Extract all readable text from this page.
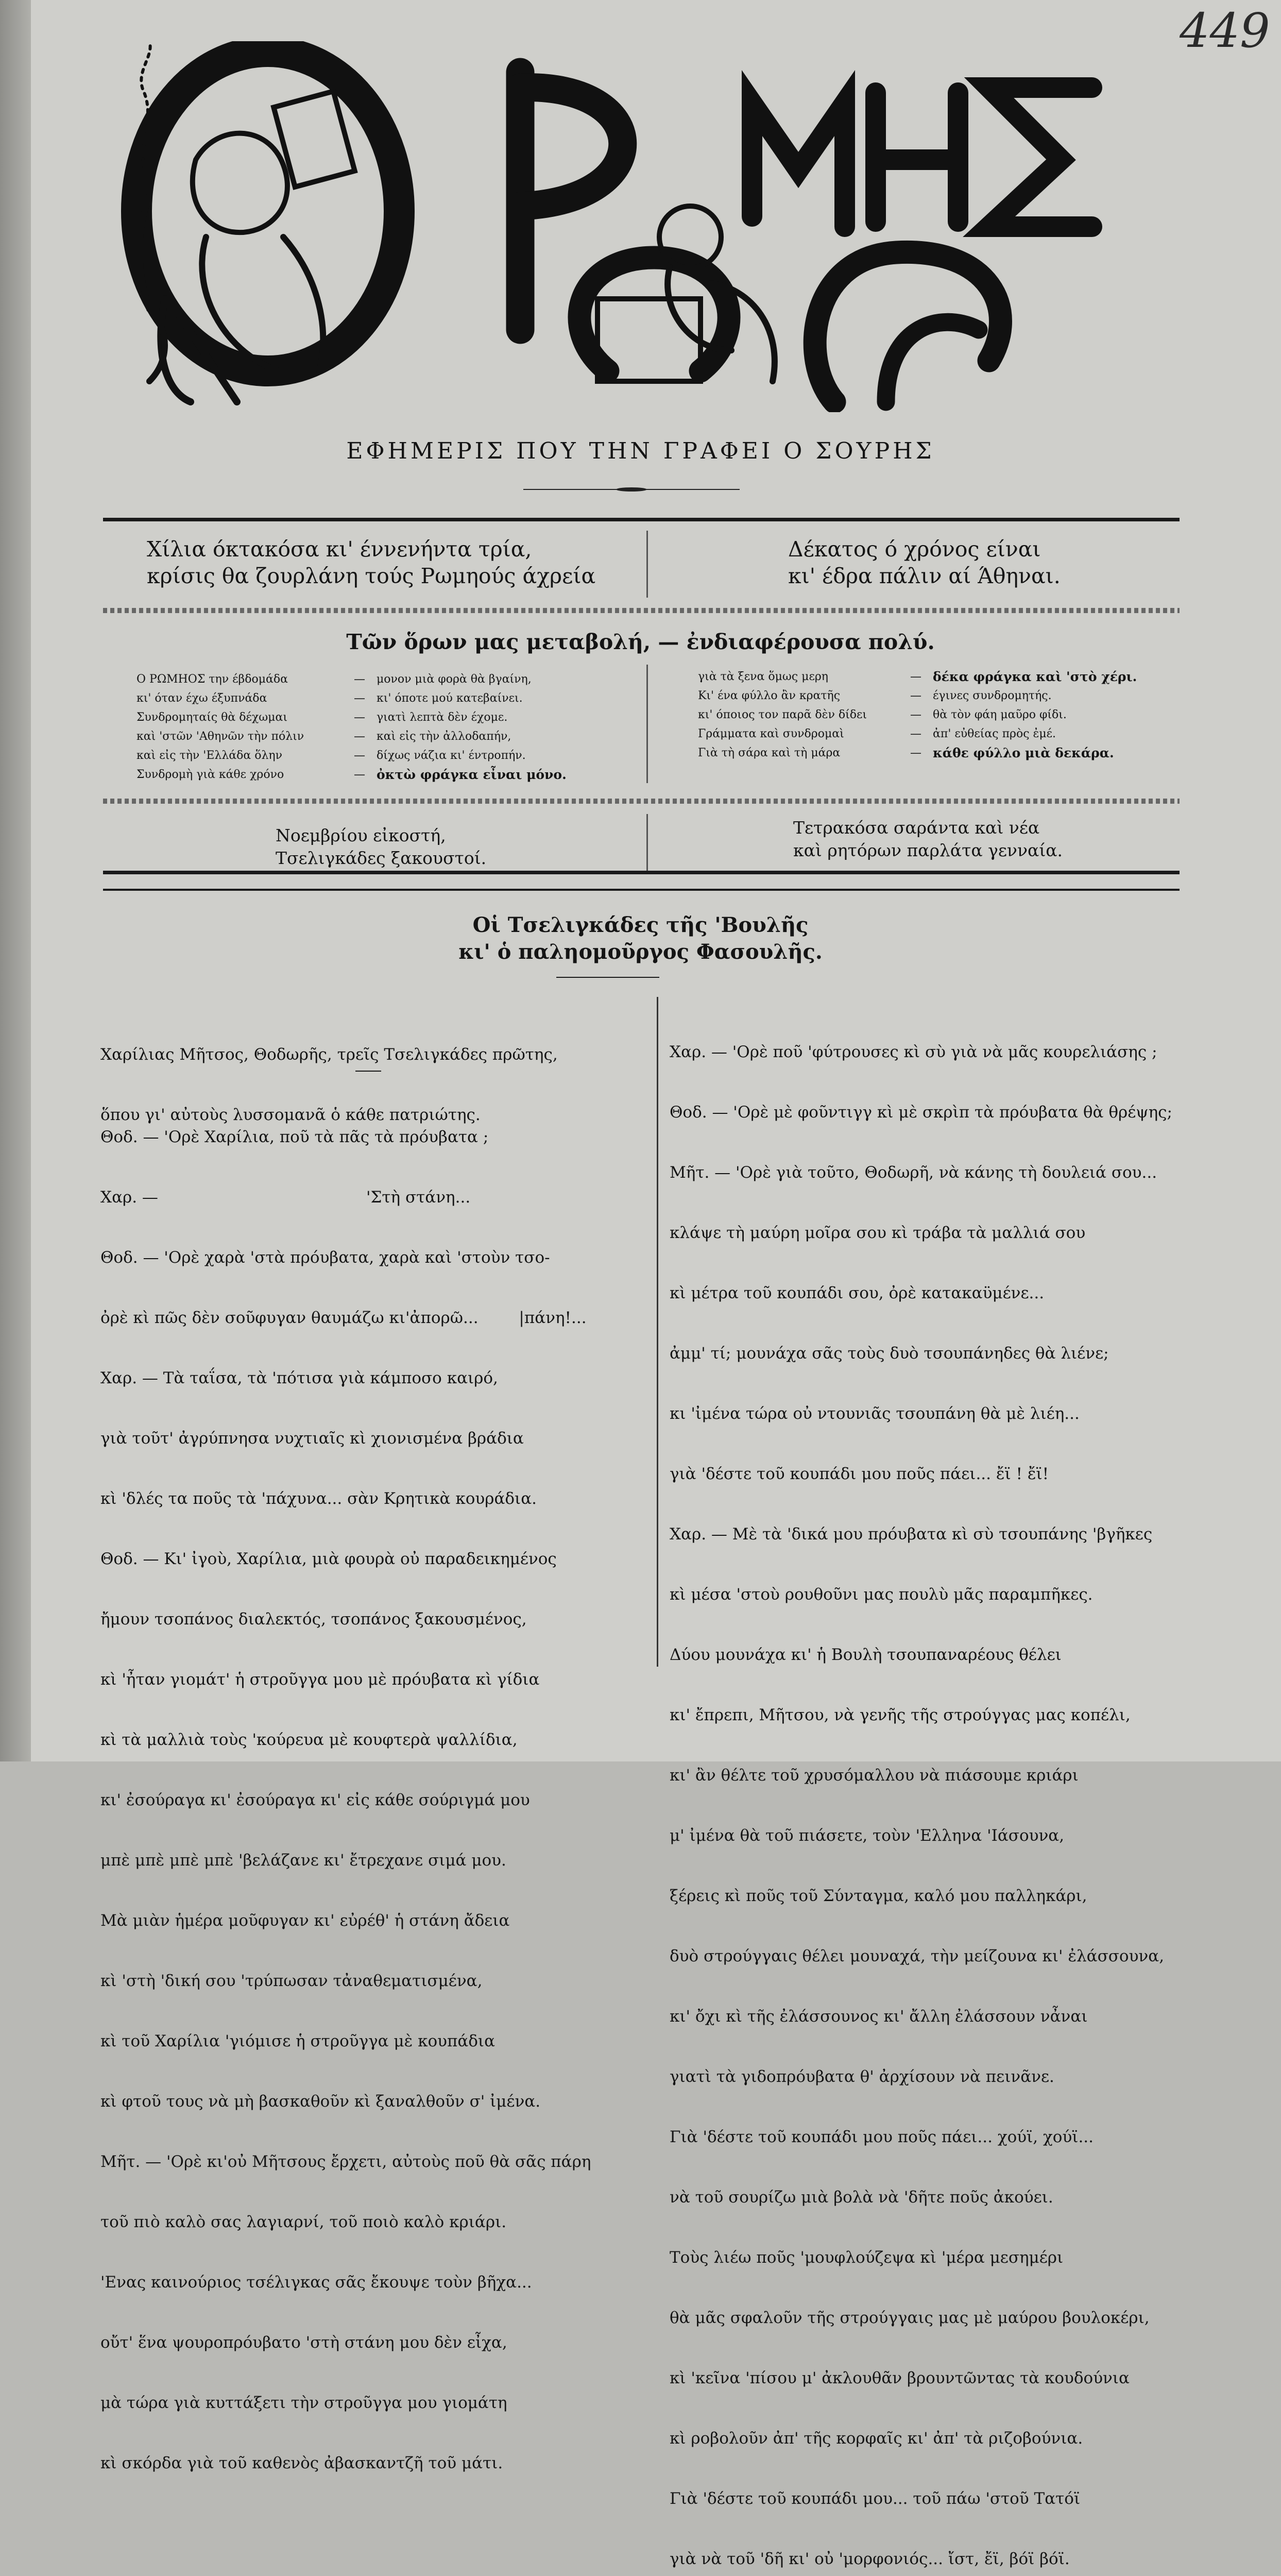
449
ΕΦΗΜΕΡΙΣ ΠΟΥ ΤΗΝ ΓΡΑΦΕΙ Ο ΣΟΥΡΗΣ
Χίλια όκτακόσα κι' έννενήντα τρία,
κρίσις θα ζουρλάνη τούς Ρωμηούς άχρεία
Δέκατος ό χρόνος είναι
κι' έδρα πάλιν αί Άθηναι.
Τῶν ὅρων μας μεταβολή, — ἐνδιαφέρουσα πολύ.
Ο ΡΩΜΗΟΣ την έβδομάδα	—	μονον μιὰ φορὰ θὰ βγαίνη,
κι' όταν έχω έξυπνάδα	—	κι' όποτε μού κατεβαίνει.
Συνδρομηταίς θὰ δέχωμαι	—	γιατὶ λεπτὰ δὲν έχομε.
καὶ 'στῶν 'Αθηνῶν τὴν πόλιν	—	καὶ εἰς τὴν ἀλλοδαπήν,
καὶ εἰς τὴν 'Ελλάδα ὅλην	—	δίχως νάζια κι' έντροπήν.
Συνδρομὴ γιὰ κάθε χρόνο	— ὀκτὼ φράγκα εἶναι μόνο.
γιὰ τὰ ξενα ὅμως μερη	— δέκα φράγκα καὶ 'στὸ χέρι.
Κι' ένα φύλλο ἂν κρατῆς	—	έγινες συνδρομητής.
κι' όποιος τον παρᾶ δὲν δίδει	—	θὰ τὸν φάη μαῦρο φίδι.
Γράμματα καὶ συνδρομαὶ	—	ἀπ' εὐθείας πρὸς ἐμέ.
Γιὰ τὴ σάρα καὶ τὴ μάρα	— κάθε φύλλο μιὰ δεκάρα.
Νοεμβρίου εἰκοστή,
Τσελιγκάδες ξακουστοί.
Τετρακόσα σαράντα καὶ νέα
καὶ ρητόρων παρλάτα γενναία.
Οἱ Τσελιγκάδες τῆς 'Βουλῆς
κι' ὁ παληομοῦργος Φασουλῆς.

Χαρίλιας Μῆτσος, Θοδωρῆς, τρεῖς Τσελιγκάδες πρῶτης,

ὅπου γι' αὐτοὺς λυσσομανᾶ ὁ κάθε πατριώτης.

Θοδ. — 'Ορὲ Χαρίλια, ποῦ τὰ πᾶς τὰ πρόυβατα ;

Χαρ. —                                         'Στὴ στάνη...

Θοδ. — 'Ορὲ χαρὰ 'στὰ πρόυβατα, χαρὰ καὶ 'στοὺν τσο-

ὀρὲ κὶ πῶς δὲν σοῦφυγαν θαυμάζω κι'ἀπορῶ...        |πάνη!...

Χαρ. — Τὰ ταΐσα, τὰ 'πότισα γιὰ κάμποσο καιρό,

γιὰ τοῦτ' ἀγρύπνησα νυχτιαῖς κὶ χιονισμένα βράδια

κὶ 'δλές τα ποῦς τὰ 'πάχυνα... σὰν Κρητικὰ κουράδια.

Θοδ. — Κι' ἰγοὺ, Χαρίλια, μιὰ φουρὰ οὐ παραδεικημένος

ἤμουν τσοπάνος διαλεκτός, τσοπάνος ξακουσμένος,

κὶ 'ἦταν γιομάτ' ἡ στροῦγγα μου μὲ πρόυβατα κὶ γίδια

κὶ τὰ μαλλιὰ τοὺς 'κούρευα μὲ κουφτερὰ ψαλλίδια,

κι' ἐσούραγα κι' ἐσούραγα κι' εἰς κάθε σούριγμά μου

μπὲ μπὲ μπὲ μπὲ 'βελάζανε κι' ἔτρεχανε σιμά μου.

Μὰ μιὰν ἡμέρα μοῦφυγαν κι' εὐρέθ' ἡ στάνη ἄδεια

κὶ 'στὴ 'δική σου 'τρύπωσαν τἀναθεματισμένα,

κὶ τοῦ Χαρίλια 'γιόμισε ἡ στροῦγγα μὲ κουπάδια

κὶ φτοῦ τους νὰ μὴ βασκαθοῦν κὶ ξαναλθοῦν σ' ἰμένα.

Μῆτ. — 'Ορὲ κι'οὐ Μῆτσους ἔρχετι, αὐτοὺς ποῦ θὰ σᾶς πάρη

τοῦ πιὸ καλὸ σας λαγιαρνί, τοῦ ποιὸ καλὸ κριάρι.

'Ενας καινούριος τσέλιγκας σᾶς ἔκουψε τοὺν βῆχα...

οὔτ' ἕνα ψουροπρόυβατο 'στὴ στάνη μου δὲν εἶχα,

μὰ τώρα γιὰ κυττάξετι τὴν στροῦγγα μου γιομάτη

κὶ σκόρδα γιὰ τοῦ καθενὸς ἀβασκαντζῆ τοῦ μάτι.

Χαρ. — 'Ορὲ ποῦ 'φύτρουσες κὶ σὺ γιὰ νὰ μᾶς κουρελιάσης ;

Θοδ. — 'Ορὲ μὲ φοῦντιγγ κὶ μὲ σκρὶπ τὰ πρόυβατα θὰ θρέψης;

Μῆτ. — 'Ορὲ γιὰ τοῦτο, Θοδωρῆ, νὰ κάνης τὴ δουλειά σου...

κλάψε τὴ μαύρη μοῖρα σου κὶ τράβα τὰ μαλλιά σου

κὶ μέτρα τοῦ κουπάδι σου, ὀρὲ κατακαϋμένε...

ἀμμ' τί; μουνάχα σᾶς τοὺς δυὸ τσουπάνηδες θὰ λιένε;

κι 'ἰμένα τώρα οὐ ντουνιᾶς τσουπάνη θὰ μὲ λιέη...

γιὰ 'δέστε τοῦ κουπάδι μου ποῦς πάει... ἔϊ ! ἔϊ!

Χαρ. — Μὲ τὰ 'δικά μου πρόυβατα κὶ σὺ τσουπάνης 'βγῆκες

κὶ μέσα 'στοὺ ρουθοῦνι μας πουλὺ μᾶς παραμπῆκες.

Δύου μουνάχα κι' ἡ Βουλὴ τσουπαναρέους θέλει

κι' ἔπρεπι, Μῆτσου, νὰ γενῆς τῆς στρούγγας μας κοπέλι,

κι' ἂν θέλτε τοῦ χρυσόμαλλου νὰ πιάσουμε κριάρι

μ' ἰμένα θὰ τοῦ πιάσετε, τοὺν 'Ελληνα 'Ιάσουνα,

ξέρεις κὶ ποῦς τοῦ Σύνταγμα, καλό μου παλληκάρι,

δυὸ στρούγγαις θέλει μουναχά, τὴν μείζουνα κι' ἐλάσσουνα,

κι' ὄχι κὶ τῆς ἐλάσσουνος κι' ἄλλη ἐλάσσουν νἆναι

γιατὶ τὰ γιδοπρόυβατα θ' ἀρχίσουν νὰ πεινᾶνε.

Γιὰ 'δέστε τοῦ κουπάδι μου ποῦς πάει... χούϊ, χούϊ...

νὰ τοῦ σουρίζω μιὰ βολὰ νὰ 'δῆτε ποῦς ἀκούει.

Τοὺς λιέω ποῦς 'μουφλούζεψα κὶ 'μέρα μεσημέρι

θὰ μᾶς σφαλοῦν τῆς στρούγγαις μας μὲ μαύρου βουλοκέρι,

κὶ 'κεῖνα 'πίσου μ' ἀκλουθᾶν βρουντῶντας τὰ κουδούνια

κὶ ροβολοῦν ἀπ' τῆς κορφαῖς κι' ἀπ' τὰ ριζοβούνια.

Γιὰ 'δέστε τοῦ κουπάδι μου... τοῦ πάω 'στοῦ Τατόϊ

γιὰ νὰ τοῦ 'δῆ κι' οὐ 'μορφονιός... ἴστ, ἔϊ, βόϊ βόϊ.
